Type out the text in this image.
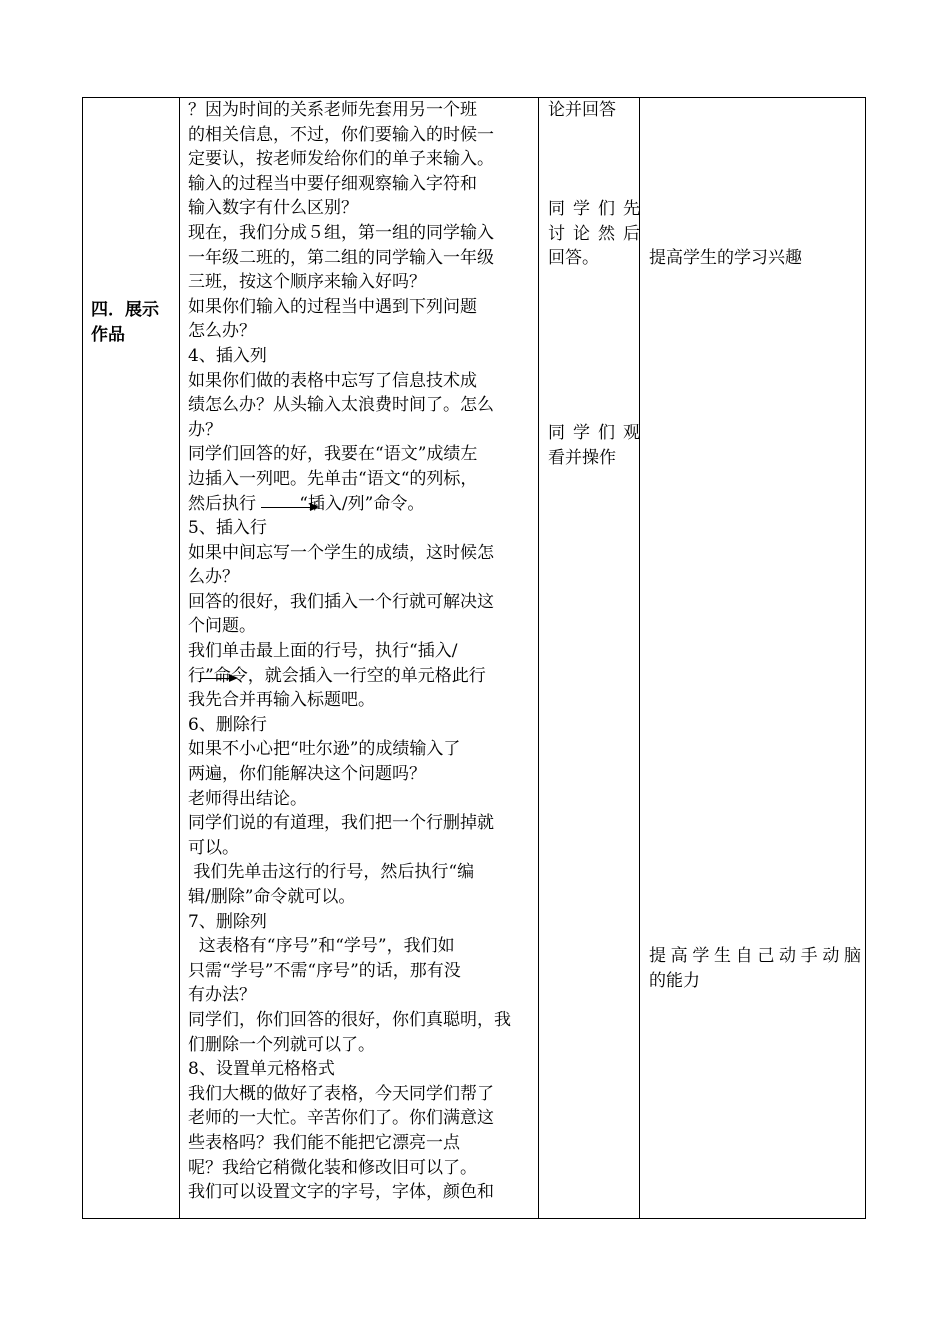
四．展示
作品
？因为时间的关系老师先套用另一个班
的相关信息，不过，你们要输入的时候一
定要认，按老师发给你们的单子来输入。
输入的过程当中要仔细观察输入字符和
输入数字有什么区别？
现在，我们分成５组，第一组的同学输入
一年级二班的，第二组的同学输入一年级
三班，按这个顺序来输入好吗？
如果你们输入的过程当中遇到下列问题
怎么办？
4、插入列
如果你们做的表格中忘写了信息技术成
绩怎么办？从头输入太浪费时间了。怎么
办？
同学们回答的好，我要在“语文”成绩左
边插入一列吧。先单击“语文“的列标，
然后执行        “插入/列”命令。
5、插入行
如果中间忘写一个学生的成绩，这时候怎
么办？
回答的很好，我们插入一个行就可解决这
个问题。
我们单击最上面的行号，执行“插入/
行”命令，就会插入一行空的单元格此行
我先合并再输入标题吧。
6、删除行
如果不小心把“吐尔逊”的成绩输入了
两遍，你们能解决这个问题吗？
老师得出结论。
同学们说的有道理，我们把一个行删掉就
可以。
我们先单击这行的行号，然后执行“编
辑/删除”命令就可以。
7、删除列
这表格有“序号”和“学号”，我们如
只需“学号”不需“序号”的话，那有没
有办法？
同学们，你们回答的很好，你们真聪明，我
们删除一个列就可以了。
8、设置单元格格式
我们大概的做好了表格，今天同学们帮了
老师的一大忙。辛苦你们了。你们满意这
些表格吗？我们能不能把它漂亮一点
呢？我给它稍微化装和修改旧可以了。
我们可以设置文字的字号，字体，颜色和
论并回答
同学们先
讨论然后
回答。
同学们观
看并操作
提高学生的学习兴趣
提高学生自己动手动脑
的能力
